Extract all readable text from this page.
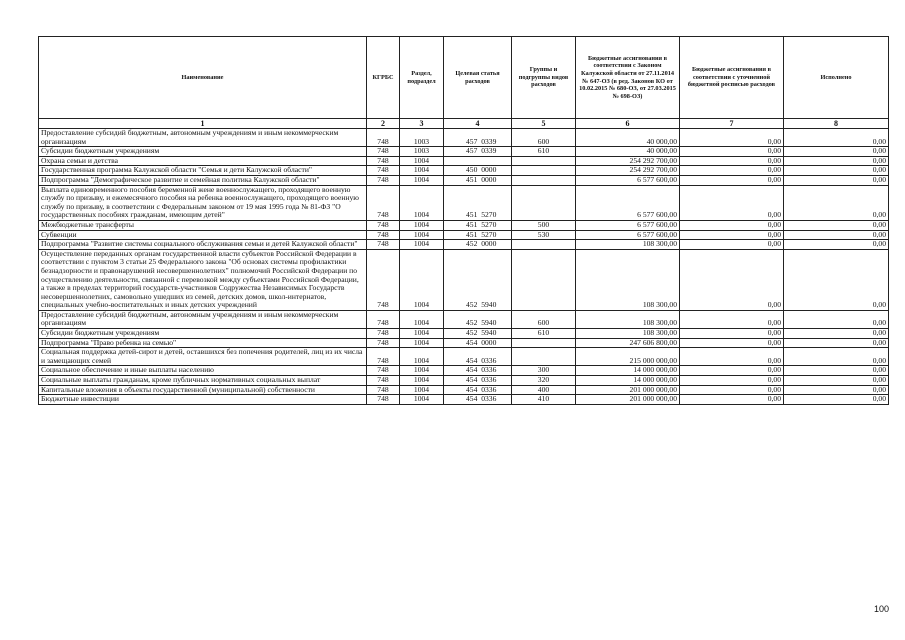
Наименование	КГРБС	Раздел, подраздел	Целевая статья расходов	Группы и подгруппы видов расходов	Бюджетные ассигнования в соответствии с Законом Калужской области от 27.11.2014 № 647-ОЗ (в ред. Законов КО от 10.02.2015 № 680-ОЗ, от 27.03.2015 № 698-ОЗ)	Бюджетные ассигнования в соответствии с уточненной бюджетной росписью расходов	Исполнено
1	2	3	4	5	6	7	8
Предоставление субсидий бюджетным, автономным учреждениям и иным некоммерческим организациям	748	1003	457  0339	600	40 000,00	0,00	0,00
Субсидии бюджетным учреждениям	748	1003	457  0339	610	40 000,00	0,00	0,00
Охрана семьи и детства	748	1004			254 292 700,00	0,00	0,00
Государственная программа Калужской области "Семья и дети Калужской области"	748	1004	450  0000		254 292 700,00	0,00	0,00
Подпрограмма "Демографическое развитие и семейная политика Калужской области"	748	1004	451  0000		6 577 600,00	0,00	0,00
Выплата единовременного пособия беременной жене военнослужащего, проходящего военную службу по призыву, и ежемесячного пособия на ребенка военнослужащего, проходящего военную службу по призыву, в соответствии с Федеральным законом от 19 мая 1995 года № 81-ФЗ "О государственных пособиях гражданам, имеющим детей"	748	1004	451  5270		6 577 600,00	0,00	0,00
Межбюджетные трансферты	748	1004	451  5270	500	6 577 600,00	0,00	0,00
Субвенции	748	1004	451  5270	530	6 577 600,00	0,00	0,00
Подпрограмма "Развитие системы социального обслуживания семьи и детей Калужской области"	748	1004	452  0000		108 300,00	0,00	0,00
Осуществление переданных органам государственной власти субъектов Российской Федерации в соответствии с пунктом 3 статьи 25 Федерального закона "Об основах системы профилактики безнадзорности и правонарушений несовершеннолетних" полномочий Российской Федерации по осуществлению деятельности, связанной с перевозкой между субъектами Российской Федерации, а также в пределах территорий государств-участников Содружества Независимых Государств несовершеннолетних, самовольно ушедших из семей, детских домов, школ-интернатов, специальных учебно-воспитательных и иных детских учреждений	748	1004	452  5940		108 300,00	0,00	0,00
Предоставление субсидий бюджетным, автономным учреждениям и иным некоммерческим организациям	748	1004	452  5940	600	108 300,00	0,00	0,00
Субсидии бюджетным учреждениям	748	1004	452  5940	610	108 300,00	0,00	0,00
Подпрограмма "Право ребенка на семью"	748	1004	454  0000		247 606 800,00	0,00	0,00
Социальная поддержка детей-сирот и детей, оставшихся без попечения родителей, лиц из их числа и замещающих семей	748	1004	454  0336		215 000 000,00	0,00	0,00
Социальное обеспечение и иные выплаты населению	748	1004	454  0336	300	14 000 000,00	0,00	0,00
Социальные выплаты гражданам, кроме публичных нормативных социальных выплат	748	1004	454  0336	320	14 000 000,00	0,00	0,00
Капитальные вложения в объекты государственной (муниципальной) собственности	748	1004	454  0336	400	201 000 000,00	0,00	0,00
Бюджетные инвестиции	748	1004	454  0336	410	201 000 000,00	0,00	0,00
100
